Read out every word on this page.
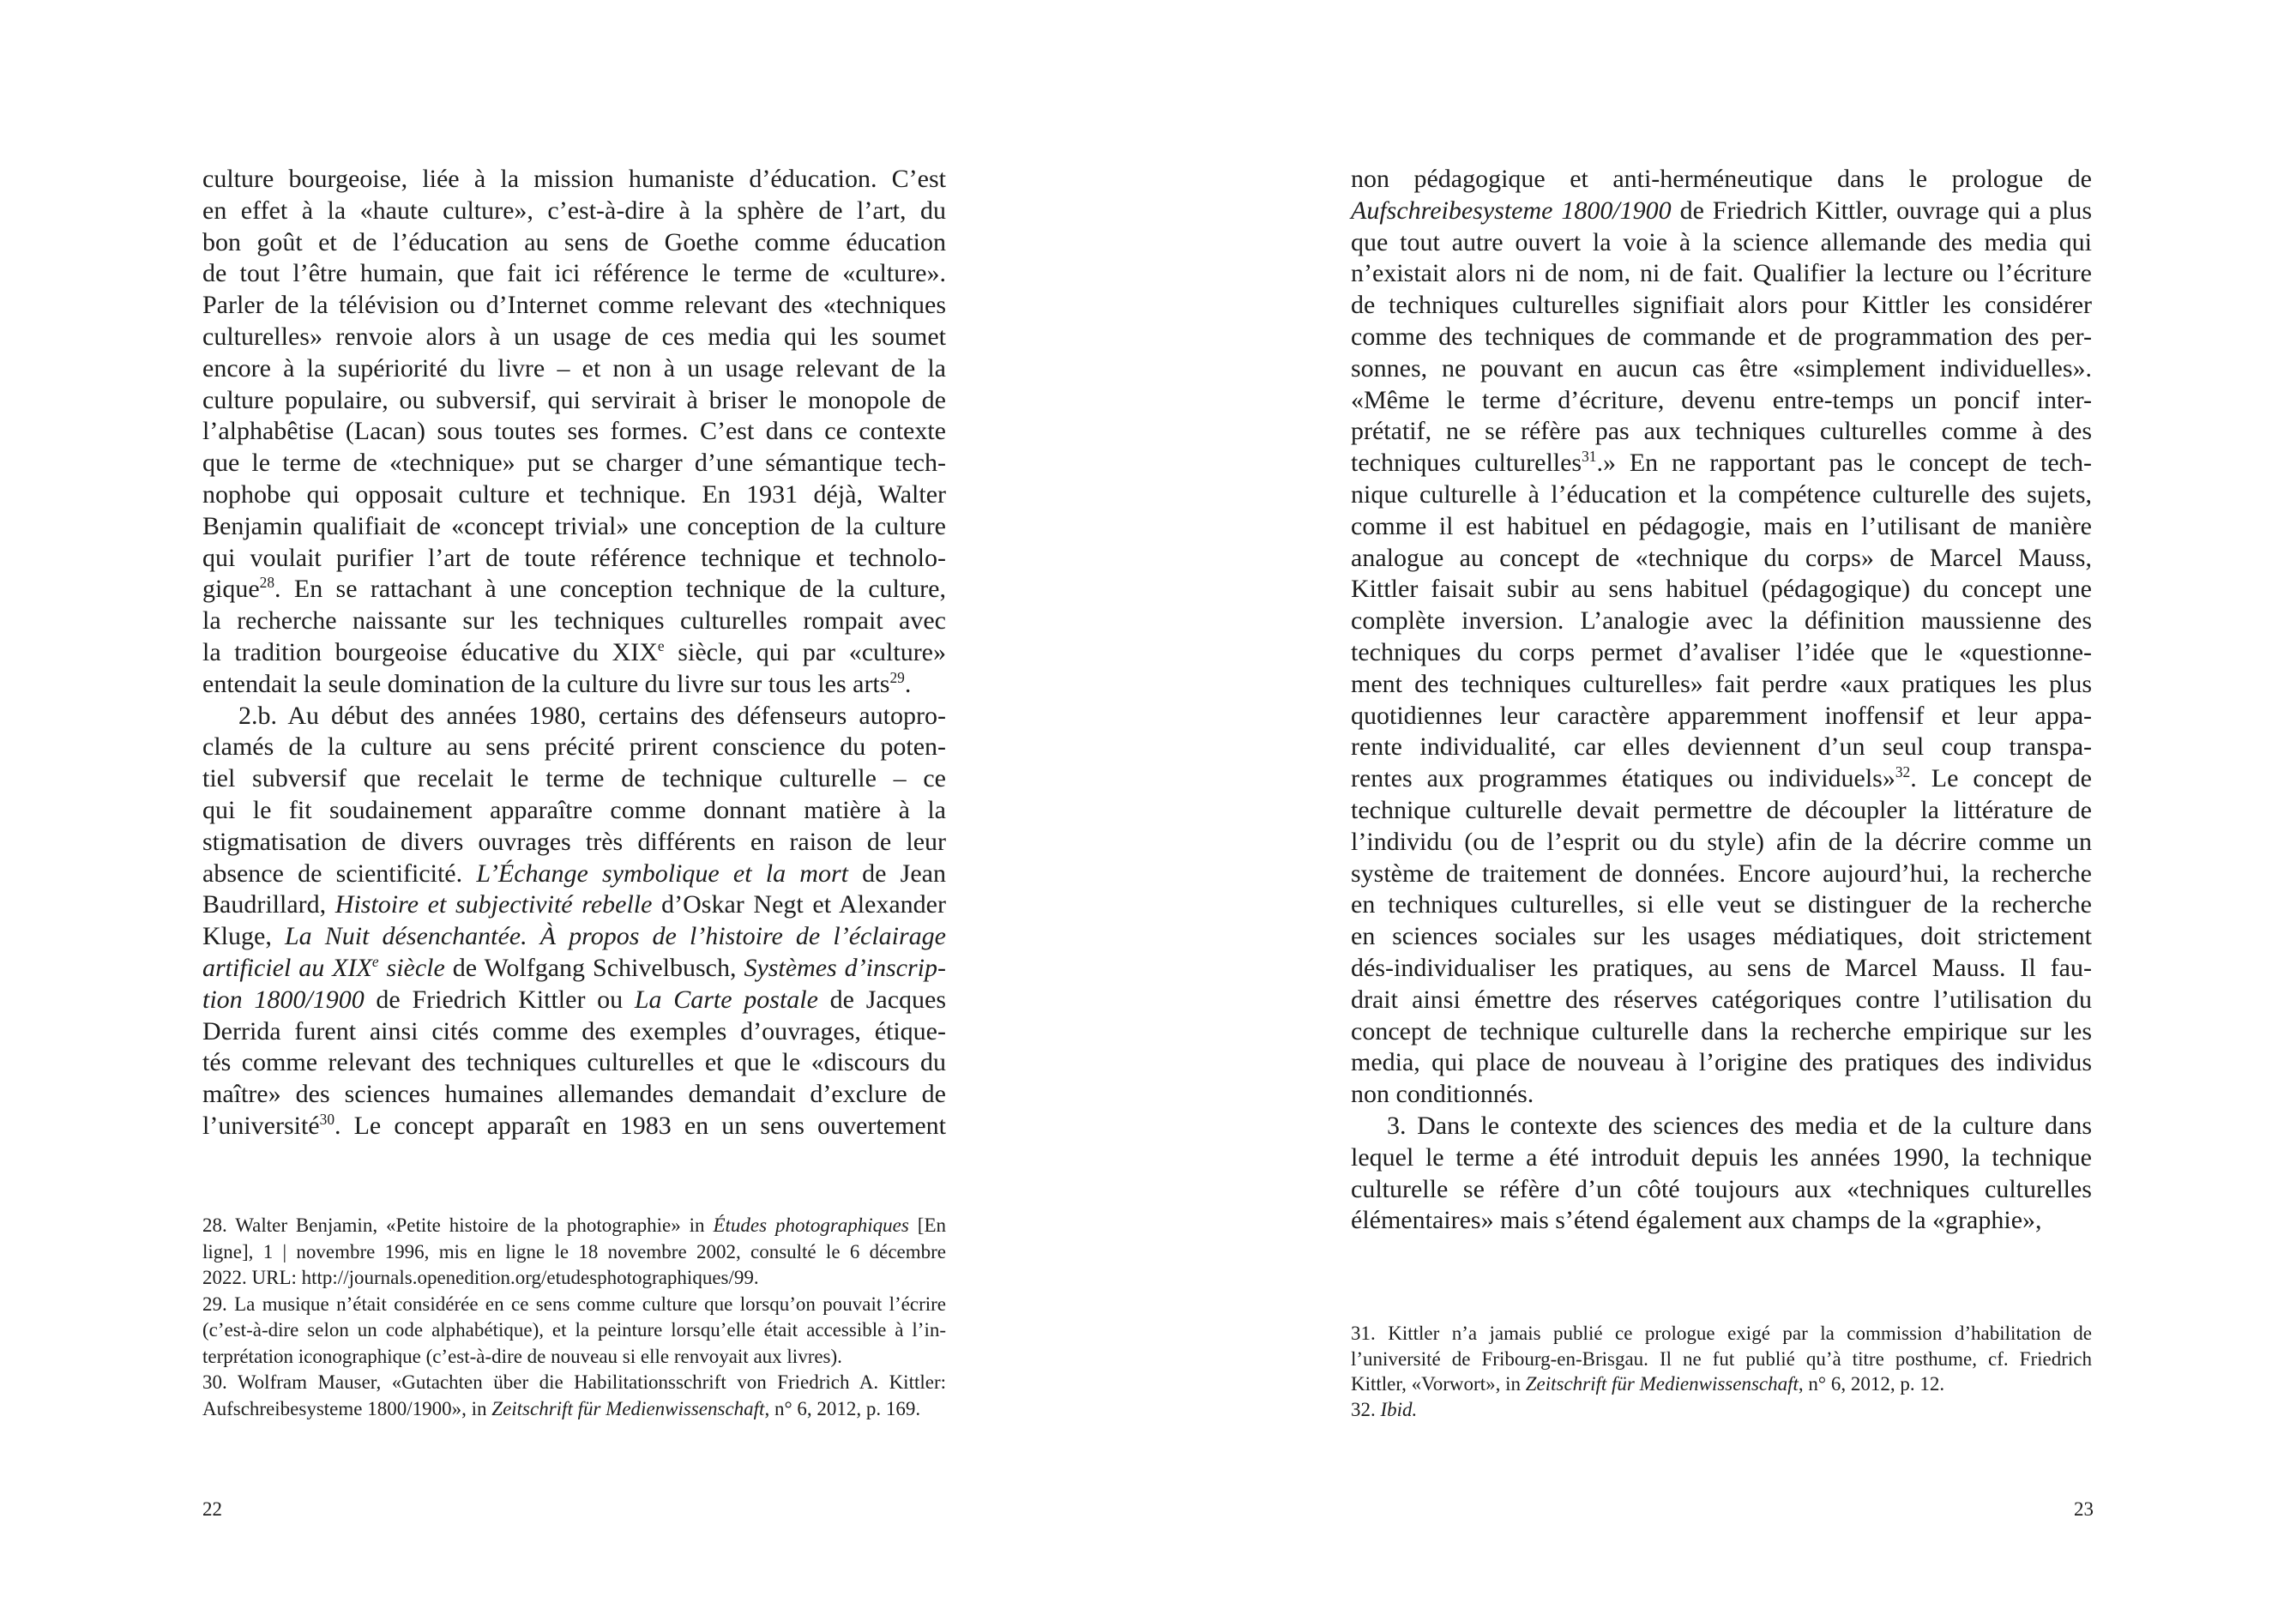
culture bourgeoise, liée à la mission humaniste d’éducation. C’est
en effet à la «haute culture», c’est-à-dire à la sphère de l’art, du
bon goût et de l’éducation au sens de Goethe comme éducation
de tout l’être humain, que fait ici référence le terme de «culture».
Parler de la télévision ou d’Internet comme relevant des «techniques
culturelles» renvoie alors à un usage de ces media qui les soumet
encore à la supériorité du livre – et non à un usage relevant de la
culture populaire, ou subversif, qui servirait à briser le monopole de
l’alphabêtise (Lacan) sous toutes ses formes. C’est dans ce contexte
que le terme de «technique» put se charger d’une sémantique tech-
nophobe qui opposait culture et technique. En 1931 déjà, Walter
Benjamin qualifiait de «concept trivial» une conception de la culture
qui voulait purifier l’art de toute référence technique et technolo-
gique$^{28}$. En se rattachant à une conception technique de la culture,
la recherche naissante sur les techniques culturelles rompait avec
la tradition bourgeoise éducative du XIXe siècle, qui par «culture»
entendait la seule domination de la culture du livre sur tous les arts$^{29}$.
2.b. Au début des années 1980, certains des défenseurs autopro-
clamés de la culture au sens précité prirent conscience du poten-
tiel subversif que recelait le terme de technique culturelle – ce
qui le fit soudainement apparaître comme donnant matière à la
stigmatisation de divers ouvrages très différents en raison de leur
absence de scientificité. L’Échange symbolique et la mort de Jean
Baudrillard, Histoire et subjectivité rebelle d’Oskar Negt et Alexander
Kluge, La Nuit désenchantée. À propos de l’histoire de l’éclairage
artificiel au XIXe siècle de Wolfgang Schivelbusch, Systèmes d’inscrip-
tion 1800/1900 de Friedrich Kittler ou La Carte postale de Jacques
Derrida furent ainsi cités comme des exemples d’ouvrages, étique-
tés comme relevant des techniques culturelles et que le «discours du
maître» des sciences humaines allemandes demandait d’exclure de
l’université$^{30}$. Le concept apparaît en 1983 en un sens ouvertement
28. Walter Benjamin, «Petite histoire de la photographie» in Études photographiques [En
ligne], 1 | novembre 1996, mis en ligne le 18 novembre 2002, consulté le 6 décembre
2022. URL: http://journals.openedition.org/etudesphotographiques/99.
29. La musique n’était considérée en ce sens comme culture que lorsqu’on pouvait l’écrire
(c’est-à-dire selon un code alphabétique), et la peinture lorsqu’elle était accessible à l’in-
terprétation iconographique (c’est-à-dire de nouveau si elle renvoyait aux livres).
30. Wolfram Mauser, «Gutachten über die Habilitationsschrift von Friedrich A. Kittler:
Aufschreibesysteme 1800/1900», in Zeitschrift für Medienwissenschaft, n° 6, 2012, p. 169.
22
non pédagogique et anti-herméneutique dans le prologue de
Aufschreibesysteme 1800/1900 de Friedrich Kittler, ouvrage qui a plus
que tout autre ouvert la voie à la science allemande des media qui
n’existait alors ni de nom, ni de fait. Qualifier la lecture ou l’écriture
de techniques culturelles signifiait alors pour Kittler les considérer
comme des techniques de commande et de programmation des per-
sonnes, ne pouvant en aucun cas être «simplement individuelles».
«Même le terme d’écriture, devenu entre-temps un poncif inter-
prétatif, ne se réfère pas aux techniques culturelles comme à des
techniques culturelles$^{31}$.» En ne rapportant pas le concept de tech-
nique culturelle à l’éducation et la compétence culturelle des sujets,
comme il est habituel en pédagogie, mais en l’utilisant de manière
analogue au concept de «technique du corps» de Marcel Mauss,
Kittler faisait subir au sens habituel (pédagogique) du concept une
complète inversion. L’analogie avec la définition maussienne des
techniques du corps permet d’avaliser l’idée que le «questionne-
ment des techniques culturelles» fait perdre «aux pratiques les plus
quotidiennes leur caractère apparemment inoffensif et leur appa-
rente individualité, car elles deviennent d’un seul coup transpa-
rentes aux programmes étatiques ou individuels»$^{32}$. Le concept de
technique culturelle devait permettre de découpler la littérature de
l’individu (ou de l’esprit ou du style) afin de la décrire comme un
système de traitement de données. Encore aujourd’hui, la recherche
en techniques culturelles, si elle veut se distinguer de la recherche
en sciences sociales sur les usages médiatiques, doit strictement
dés-individualiser les pratiques, au sens de Marcel Mauss. Il fau-
drait ainsi émettre des réserves catégoriques contre l’utilisation du
concept de technique culturelle dans la recherche empirique sur les
media, qui place de nouveau à l’origine des pratiques des individus
non conditionnés.
3. Dans le contexte des sciences des media et de la culture dans
lequel le terme a été introduit depuis les années 1990, la technique
culturelle se réfère d’un côté toujours aux «techniques culturelles
élémentaires» mais s’étend également aux champs de la «graphie»,
31. Kittler n’a jamais publié ce prologue exigé par la commission d’habilitation de
l’université de Fribourg-en-Brisgau. Il ne fut publié qu’à titre posthume, cf. Friedrich
Kittler, «Vorwort», in Zeitschrift für Medienwissenschaft, n° 6, 2012, p. 12.
32. Ibid.
23
